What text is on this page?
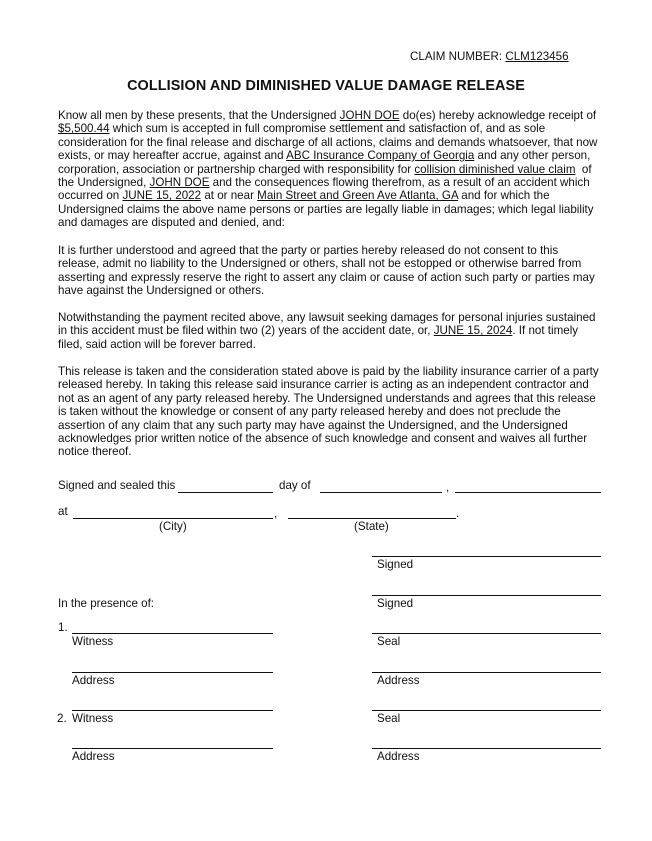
CLAIM NUMBER: CLM123456
COLLISION AND DIMINISHED VALUE DAMAGE RELEASE
Know all men by these presents, that the Undersigned JOHN DOE do(es) hereby acknowledge receipt of $5,500.44 which sum is accepted in full compromise settlement and satisfaction of, and as sole consideration for the final release and discharge of all actions, claims and demands whatsoever, that now exists, or may hereafter accrue, against and ABC Insurance Company of Georgia and any other person, corporation, association or partnership charged with responsibility for collision diminished value claim  of the Undersigned, JOHN DOE and the consequences flowing therefrom, as a result of an accident which occurred on JUNE 15, 2022 at or near Main Street and Green Ave Atlanta, GA and for which the Undersigned claims the above name persons or parties are legally liable in damages; which legal liability and damages are disputed and denied, and:
It is further understood and agreed that the party or parties hereby released do not consent to this release, admit no liability to the Undersigned or others, shall not be estopped or otherwise barred from asserting and expressly reserve the right to assert any claim or cause of action such party or parties may have against the Undersigned or others.
Notwithstanding the payment recited above, any lawsuit seeking damages for personal injuries sustained in this accident must be filed within two (2) years of the accident date, or, JUNE 15, 2024. If not timely filed, said action will be forever barred.
This release is taken and the consideration stated above is paid by the liability insurance carrier of a party released hereby. In taking this release said insurance carrier is acting as an independent contractor and not as an agent of any party released hereby. The Undersigned understands and agrees that this release is taken without the knowledge or consent of any party released hereby and does not preclude the assertion of any claim that any such party may have against the Undersigned, and the Undersigned acknowledges prior written notice of the absence of such knowledge and consent and waives all further notice thereof.
Signed and sealed this	day of	,
at	,	.
(City)	(State)
Signed
In the presence of:	Signed
1.
Witness	Seal
Address	Address
2. Witness	Seal
Address	Address
